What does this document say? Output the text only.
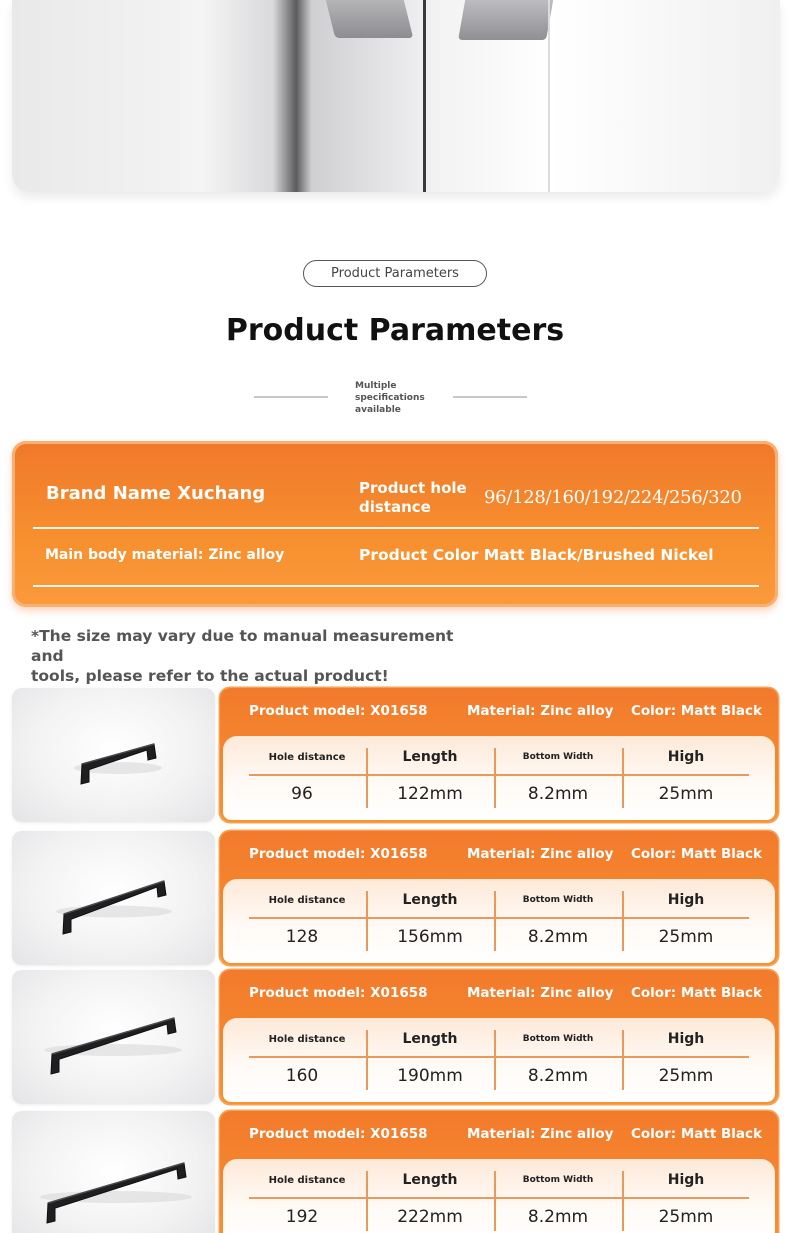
Product Parameters
Product Parameters
Multiple
specifications
available
Brand Name Xuchang	Product hole
distance	96/128/160/192/224/256/320
Main body material: Zinc alloy	Product Color Matt Black/Brushed Nickel
*The size may vary due to manual measurement and
tools, please refer to the actual product!
Product model: X01658	Material: Zinc alloy Color: Matt Black
Hole distance	Length	Bottom Width	High
96	122mm	8.2mm	25mm
Product model: X01658	Material: Zinc alloy Color: Matt Black
Hole distance	Length	Bottom Width	High
128	156mm	8.2mm	25mm
Product model: X01658	Material: Zinc alloy Color: Matt Black
Hole distance	Length	Bottom Width	High
160	190mm	8.2mm	25mm
Product model: X01658	Material: Zinc alloy Color: Matt Black
Hole distance	Length	Bottom Width	High
192	222mm	8.2mm	25mm
